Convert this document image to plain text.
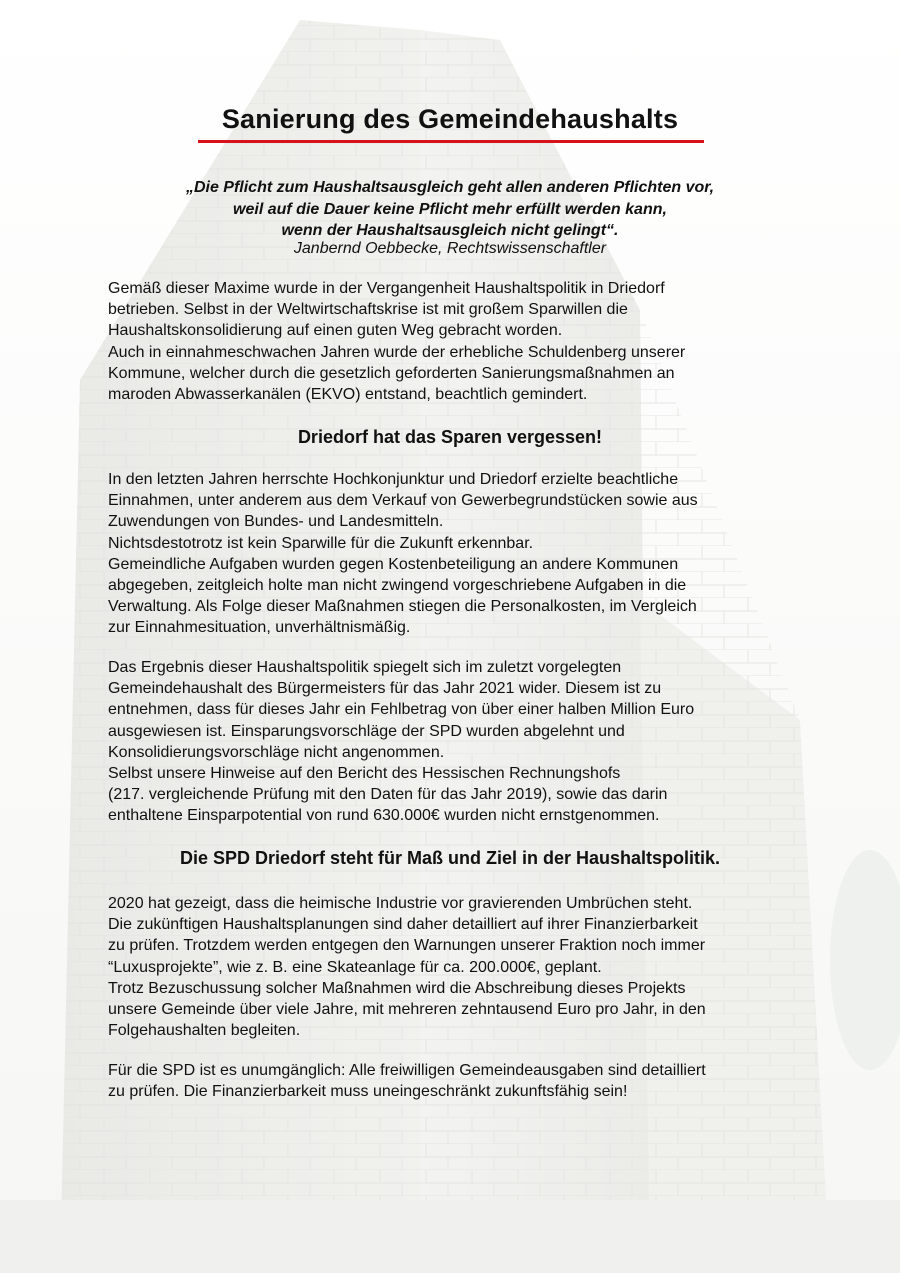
Sanierung des Gemeindehaushalts
„Die Pflicht zum Haushaltsausgleich geht allen anderen Pflichten vor,
weil auf die Dauer keine Pflicht mehr erfüllt werden kann,
wenn der Haushaltsausgleich nicht gelingt“.
Janbernd Oebbecke, Rechtswissenschaftler
Gemäß dieser Maxime wurde in der Vergangenheit Haushaltspolitik in Driedorf
betrieben. Selbst in der Weltwirtschaftskrise ist mit großem Sparwillen die
Haushaltskonsolidierung auf einen guten Weg gebracht worden.
Auch in einnahmeschwachen Jahren wurde der erhebliche Schuldenberg unserer
Kommune, welcher durch die gesetzlich geforderten Sanierungsmaßnahmen an
maroden Abwasserkanälen (EKVO) entstand, beachtlich gemindert.
Driedorf hat das Sparen vergessen!
In den letzten Jahren herrschte Hochkonjunktur und Driedorf erzielte beachtliche
Einnahmen, unter anderem aus dem Verkauf von Gewerbegrundstücken sowie aus
Zuwendungen von Bundes- und Landesmitteln.
Nichtsdestotrotz ist kein Sparwille für die Zukunft erkennbar.
Gemeindliche Aufgaben wurden gegen Kostenbeteiligung an andere Kommunen
abgegeben, zeitgleich holte man nicht zwingend vorgeschriebene Aufgaben in die
Verwaltung. Als Folge dieser Maßnahmen stiegen die Personalkosten, im Vergleich
zur Einnahmesituation, unverhältnismäßig.
Das Ergebnis dieser Haushaltspolitik spiegelt sich im zuletzt vorgelegten
Gemeindehaushalt des Bürgermeisters für das Jahr 2021 wider. Diesem ist zu
entnehmen, dass für dieses Jahr ein Fehlbetrag von über einer halben Million Euro
ausgewiesen ist. Einsparungsvorschläge der SPD wurden abgelehnt und
Konsolidierungsvorschläge nicht angenommen.
Selbst unsere Hinweise auf den Bericht des Hessischen Rechnungshofs
(217. vergleichende Prüfung mit den Daten für das Jahr 2019), sowie das darin
enthaltene Einsparpotential von rund 630.000€ wurden nicht ernstgenommen.
Die SPD Driedorf steht für Maß und Ziel in der Haushaltspolitik.
2020 hat gezeigt, dass die heimische Industrie vor gravierenden Umbrüchen steht.
Die zukünftigen Haushaltsplanungen sind daher detailliert auf ihrer Finanzierbarkeit
zu prüfen. Trotzdem werden entgegen den Warnungen unserer Fraktion noch immer
“Luxusprojekte”, wie z. B. eine Skateanlage für ca. 200.000€, geplant.
Trotz Bezuschussung solcher Maßnahmen wird die Abschreibung dieses Projekts
unsere Gemeinde über viele Jahre, mit mehreren zehntausend Euro pro Jahr, in den
Folgehaushalten begleiten.
Für die SPD ist es unumgänglich: Alle freiwilligen Gemeindeausgaben sind detailliert
zu prüfen. Die Finanzierbarkeit muss uneingeschränkt zukunftsfähig sein!
